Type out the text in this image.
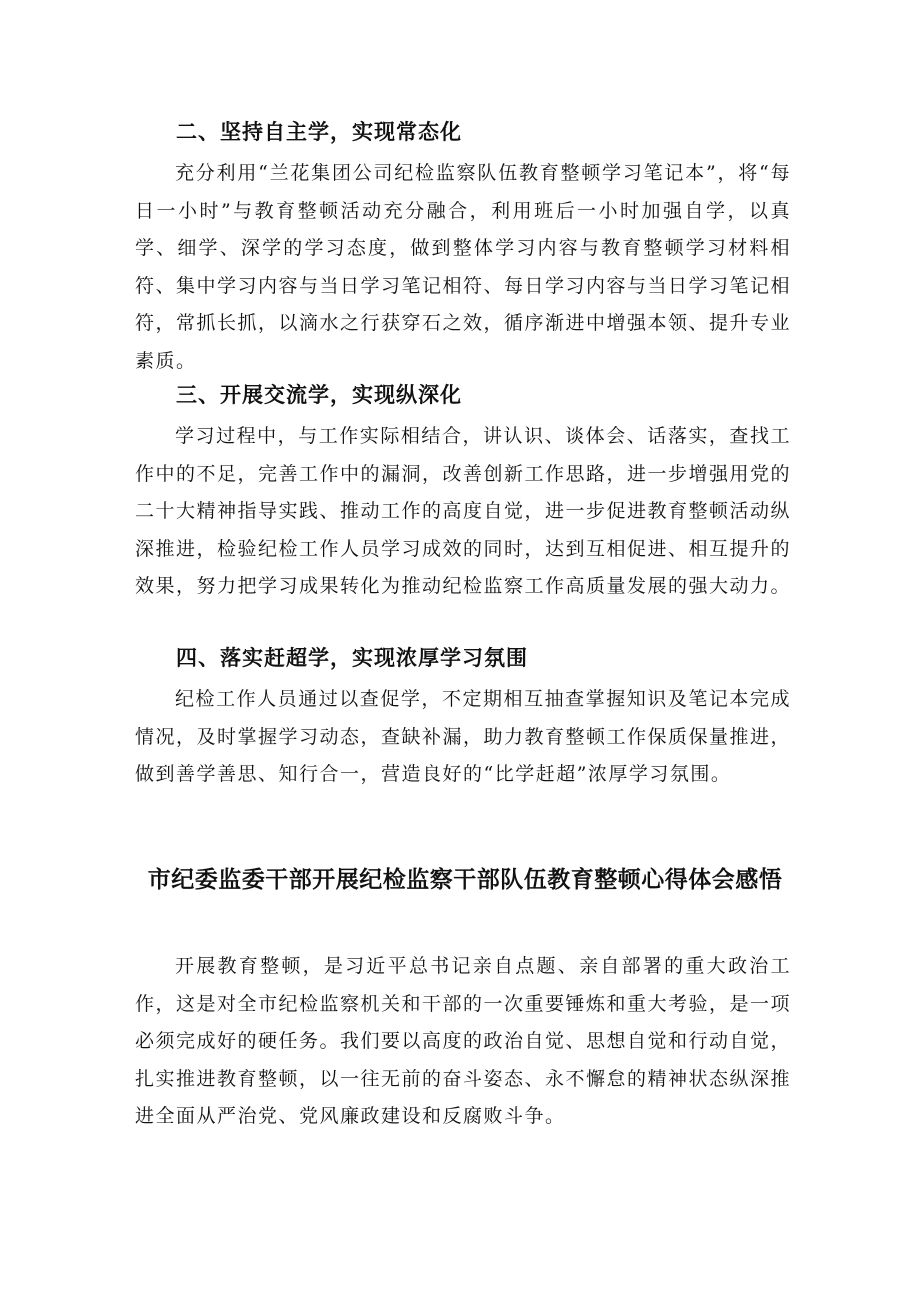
二、坚持自主学，实现常态化

充分利用“兰花集团公司纪检监察队伍教育整顿学习笔记本”，将“每日一小时”与教育整顿活动充分融合，利用班后一小时加强自学，以真学、细学、深学的学习态度，做到整体学习内容与教育整顿学习材料相符、集中学习内容与当日学习笔记相符、每日学习内容与当日学习笔记相符，常抓长抓，以滴水之行获穿石之效，循序渐进中增强本领、提升专业素质。

三、开展交流学，实现纵深化

学习过程中，与工作实际相结合，讲认识、谈体会、话落实，查找工作中的不足，完善工作中的漏洞，改善创新工作思路，进一步增强用党的二十大精神指导实践、推动工作的高度自觉，进一步促进教育整顿活动纵深推进，检验纪检工作人员学习成效的同时，达到互相促进、相互提升的效果，努力把学习成果转化为推动纪检监察工作高质量发展的强大动力。

四、落实赶超学，实现浓厚学习氛围

纪检工作人员通过以查促学，不定期相互抽查掌握知识及笔记本完成情况，及时掌握学习动态，查缺补漏，助力教育整顿工作保质保量推进，做到善学善思、知行合一，营造良好的“比学赶超”浓厚学习氛围。

市纪委监委干部开展纪检监察干部队伍教育整顿心得体会感悟

开展教育整顿，是习近平总书记亲自点题、亲自部署的重大政治工作，这是对全市纪检监察机关和干部的一次重要锤炼和重大考验，是一项必须完成好的硬任务。我们要以高度的政治自觉、思想自觉和行动自觉，扎实推进教育整顿，以一往无前的奋斗姿态、永不懈怠的精神状态纵深推进全面从严治党、党风廉政建设和反腐败斗争。
